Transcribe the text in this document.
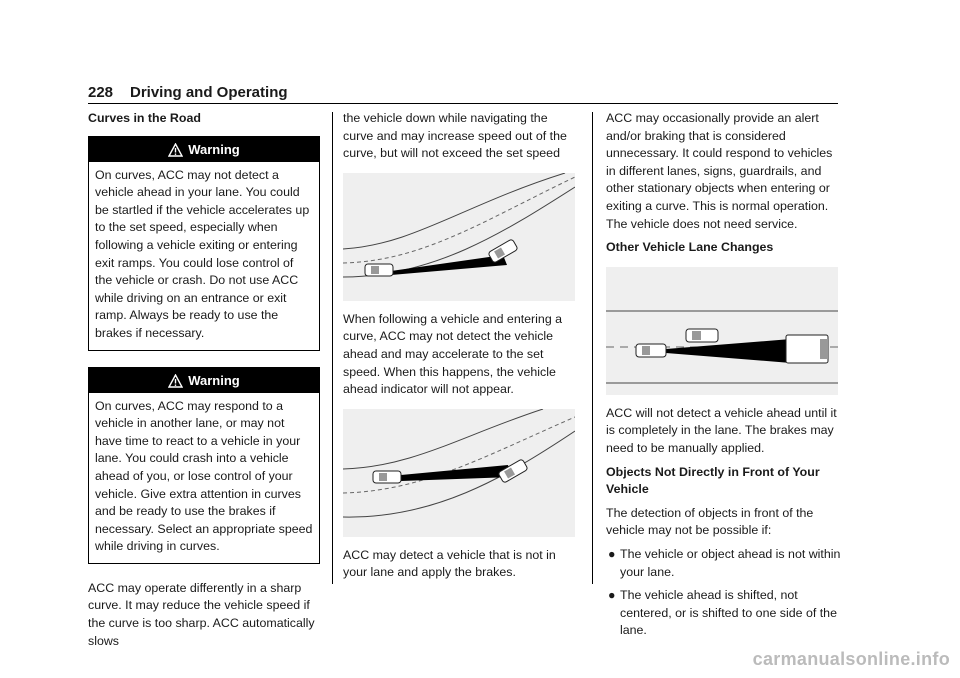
228 Driving and Operating
Curves in the Road
Warning
On curves, ACC may not detect a vehicle ahead in your lane. You could be startled if the vehicle accelerates up to the set speed, especially when following a vehicle exiting or entering exit ramps. You could lose control of the vehicle or crash. Do not use ACC while driving on an entrance or exit ramp. Always be ready to use the brakes if necessary.
Warning
On curves, ACC may respond to a vehicle in another lane, or may not have time to react to a vehicle in your lane. You could crash into a vehicle ahead of you, or lose control of your vehicle. Give extra attention in curves and be ready to use the brakes if necessary. Select an appropriate speed while driving in curves.

ACC may operate differently in a sharp curve. It may reduce the vehicle speed if the curve is too sharp. ACC automatically slows

the vehicle down while navigating the curve and may increase speed out of the curve, but will not exceed the set speed

When following a vehicle and entering a curve, ACC may not detect the vehicle ahead and may accelerate to the set speed. When this happens, the vehicle ahead indicator will not appear.

ACC may detect a vehicle that is not in your lane and apply the brakes.

ACC may occasionally provide an alert and/or braking that is considered unnecessary. It could respond to vehicles in different lanes, signs, guardrails, and other stationary objects when entering or exiting a curve. This is normal operation. The vehicle does not need service.

Other Vehicle Lane Changes

ACC will not detect a vehicle ahead until it is completely in the lane. The brakes may need to be manually applied.

Objects Not Directly in Front of Your Vehicle

The detection of objects in front of the vehicle may not be possible if:

● The vehicle or object ahead is not within your lane.
● The vehicle ahead is shifted, not centered, or is shifted to one side of the lane.
carmanualsonline.info
